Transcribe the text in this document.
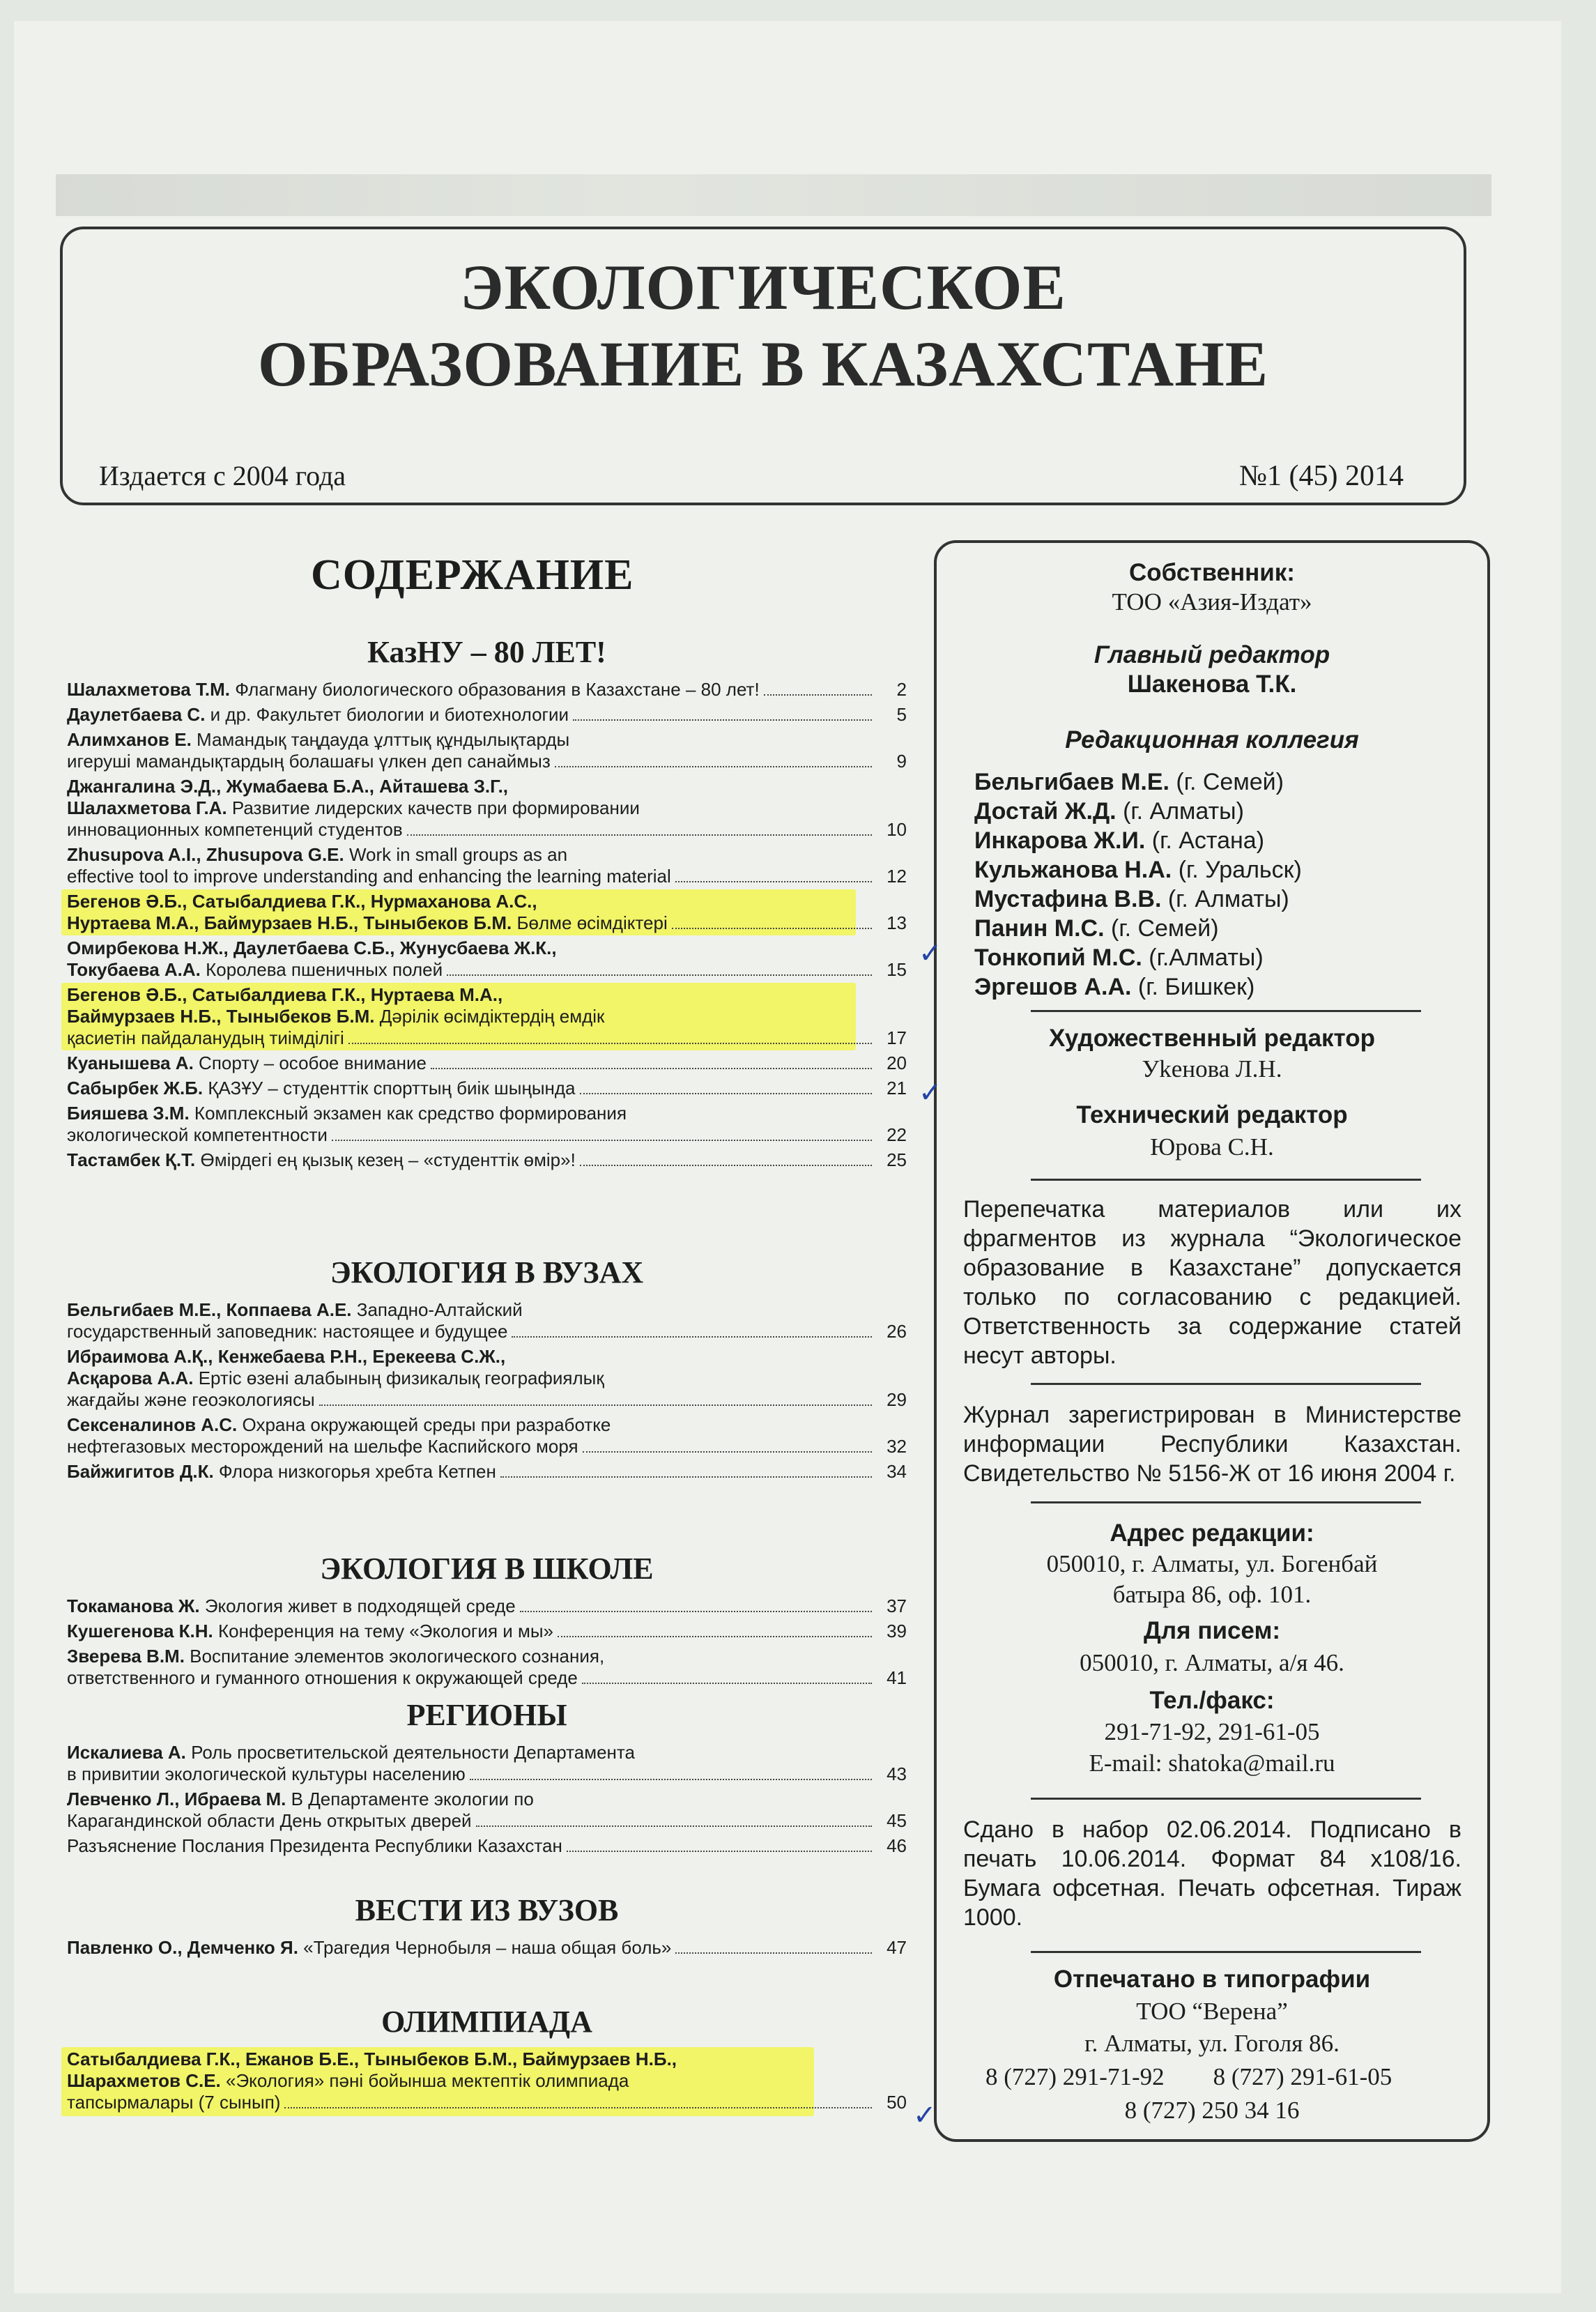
ЭКОЛОГИЧЕСКОЕ
ОБРАЗОВАНИЕ В КАЗАХСТАНЕ
Издается с 2004 года	№1 (45) 2014
СОДЕРЖАНИЕ
КазНУ – 80 ЛЕТ!
Шалахметова Т.М. Флагману биологического образования в Казахстане – 80 лет!	2
Даулетбаева С. и др. Факультет биологии и биотехнологии	5
Алимханов Е. Мамандық таңдауда ұлттық құндылықтарды
игеруші мамандықтардың болашағы үлкен деп санаймыз	9
Джангалина Э.Д., Жумабаева Б.А., Айташева З.Г.,
Шалахметова Г.А. Развитие лидерских качеств при формировании
инновационных компетенций студентов	10
Zhusupova A.I., Zhusupova G.E. Work in small groups as an
effective tool to improve understanding and enhancing the learning material	12
Бегенов Ә.Б., Сатыбалдиева Г.К., Нурмаханова А.С.,
Нуртаева М.А., Баймурзаев Н.Б., Тыныбеков Б.М. Бөлме өсімдіктері	13
Омирбекова Н.Ж., Даулетбаева С.Б., Жунусбаева Ж.К.,
Токубаева А.А. Королева пшеничных полей	15
Бегенов Ә.Б., Сатыбалдиева Г.К., Нуртаева М.А.,
Баймурзаев Н.Б., Тыныбеков Б.М. Дәрілік өсімдіктердің емдік
қасиетін пайдаланудың тиімділігі	17
Куанышева А. Спорту – особое внимание	20
Сабырбек Ж.Б. ҚАЗҰУ – студенттік спорттың биік шыңында	21
Бияшева З.М. Комплексный экзамен как средство формирования
экологической компетентности	22
Тастамбек Қ.Т. Өмірдегі ең қызық кезең – «студенттік өмір»!	25
ЭКОЛОГИЯ В ВУЗАХ
Бельгибаев М.Е., Коппаева А.Е. Западно-Алтайский
государственный заповедник: настоящее и будущее	26
Ибраимова А.Қ., Кенжебаева Р.Н., Ерекеева С.Ж.,
Асқарова А.А. Ертіс өзені алабының физикалық географиялық
жағдайы және геоэкологиясы	29
Сексеналинов А.С. Охрана окружающей среды при разработке
нефтегазовых месторождений на шельфе Каспийского моря	32
Байжигитов Д.К. Флора низкогорья хребта Кетпен	34
ЭКОЛОГИЯ В ШКОЛЕ
Токаманова Ж. Экология живет в подходящей среде	37
Кушегенова К.Н. Конференция на тему «Экология и мы»	39
Зверева В.М. Воспитание элементов экологического сознания,
ответственного и гуманного отношения к окружающей среде	41
РЕГИОНЫ
Искалиева А. Роль просветительской деятельности Департамента
в привитии экологической культуры населению	43
Левченко Л., Ибраева М. В Департаменте экологии по
Карагандинской области День открытых дверей	45
Разъяснение Послания Президента Республики Казахстан	46
ВЕСТИ ИЗ ВУЗОВ
Павленко О., Демченко Я. «Трагедия Чернобыля – наша общая боль»	47
ОЛИМПИАДА
Сатыбалдиева Г.К., Ежанов Б.Е., Тыныбеков Б.М., Баймурзаев Н.Б.,
Шарахметов С.Е. «Экология» пәні бойынша мектептік олимпиада
тапсырмалары (7 сынып)	50
Собственник:
ТОО «Азия-Издат»
Главный редактор
Шакенова Т.К.
Редакционная коллегия
Бельгибаев М.Е. (г. Семей)
Достай Ж.Д. (г. Алматы)
Инкарова Ж.И. (г. Астана)
Кульжанова Н.А. (г. Уральск)
Мустафина В.В. (г. Алматы)
Панин М.С. (г. Семей)
Тонкопий М.С. (г.Алматы)
Эргешов А.А. (г. Бишкек)
Художественный редактор
Уkенова Л.Н.
Технический редактор
Юрова С.Н.
Перепечатка материалов или их фрагментов из журнала “Экологическое образование в Казахстане” допускается только по согласованию с редакцией. Ответственность за содержание статей несут авторы.
Журнал зарегистрирован в Министерстве информации Республики Казахстан. Свидетельство № 5156-Ж от 16 июня 2004 г.
Адрес редакции:
050010, г. Алматы, ул. Богенбай
батыра 86, оф. 101.
Для писем:
050010, г. Алматы, а/я 46.
Тел./факс:
291-71-92, 291-61-05
E-mail: shatoka@mail.ru
Сдано в набор 02.06.2014. Подписано в печать 10.06.2014. Формат 84 x108/16. Бумага офсетная. Печать офсетная. Тираж 1000.
Отпечатано в типографии
ТОО “Верена”
г. Алматы, ул. Гоголя 86.
8 (727) 291-71-92 8 (727) 291-61-05
8 (727) 250 34 16
✓
✓
✓
